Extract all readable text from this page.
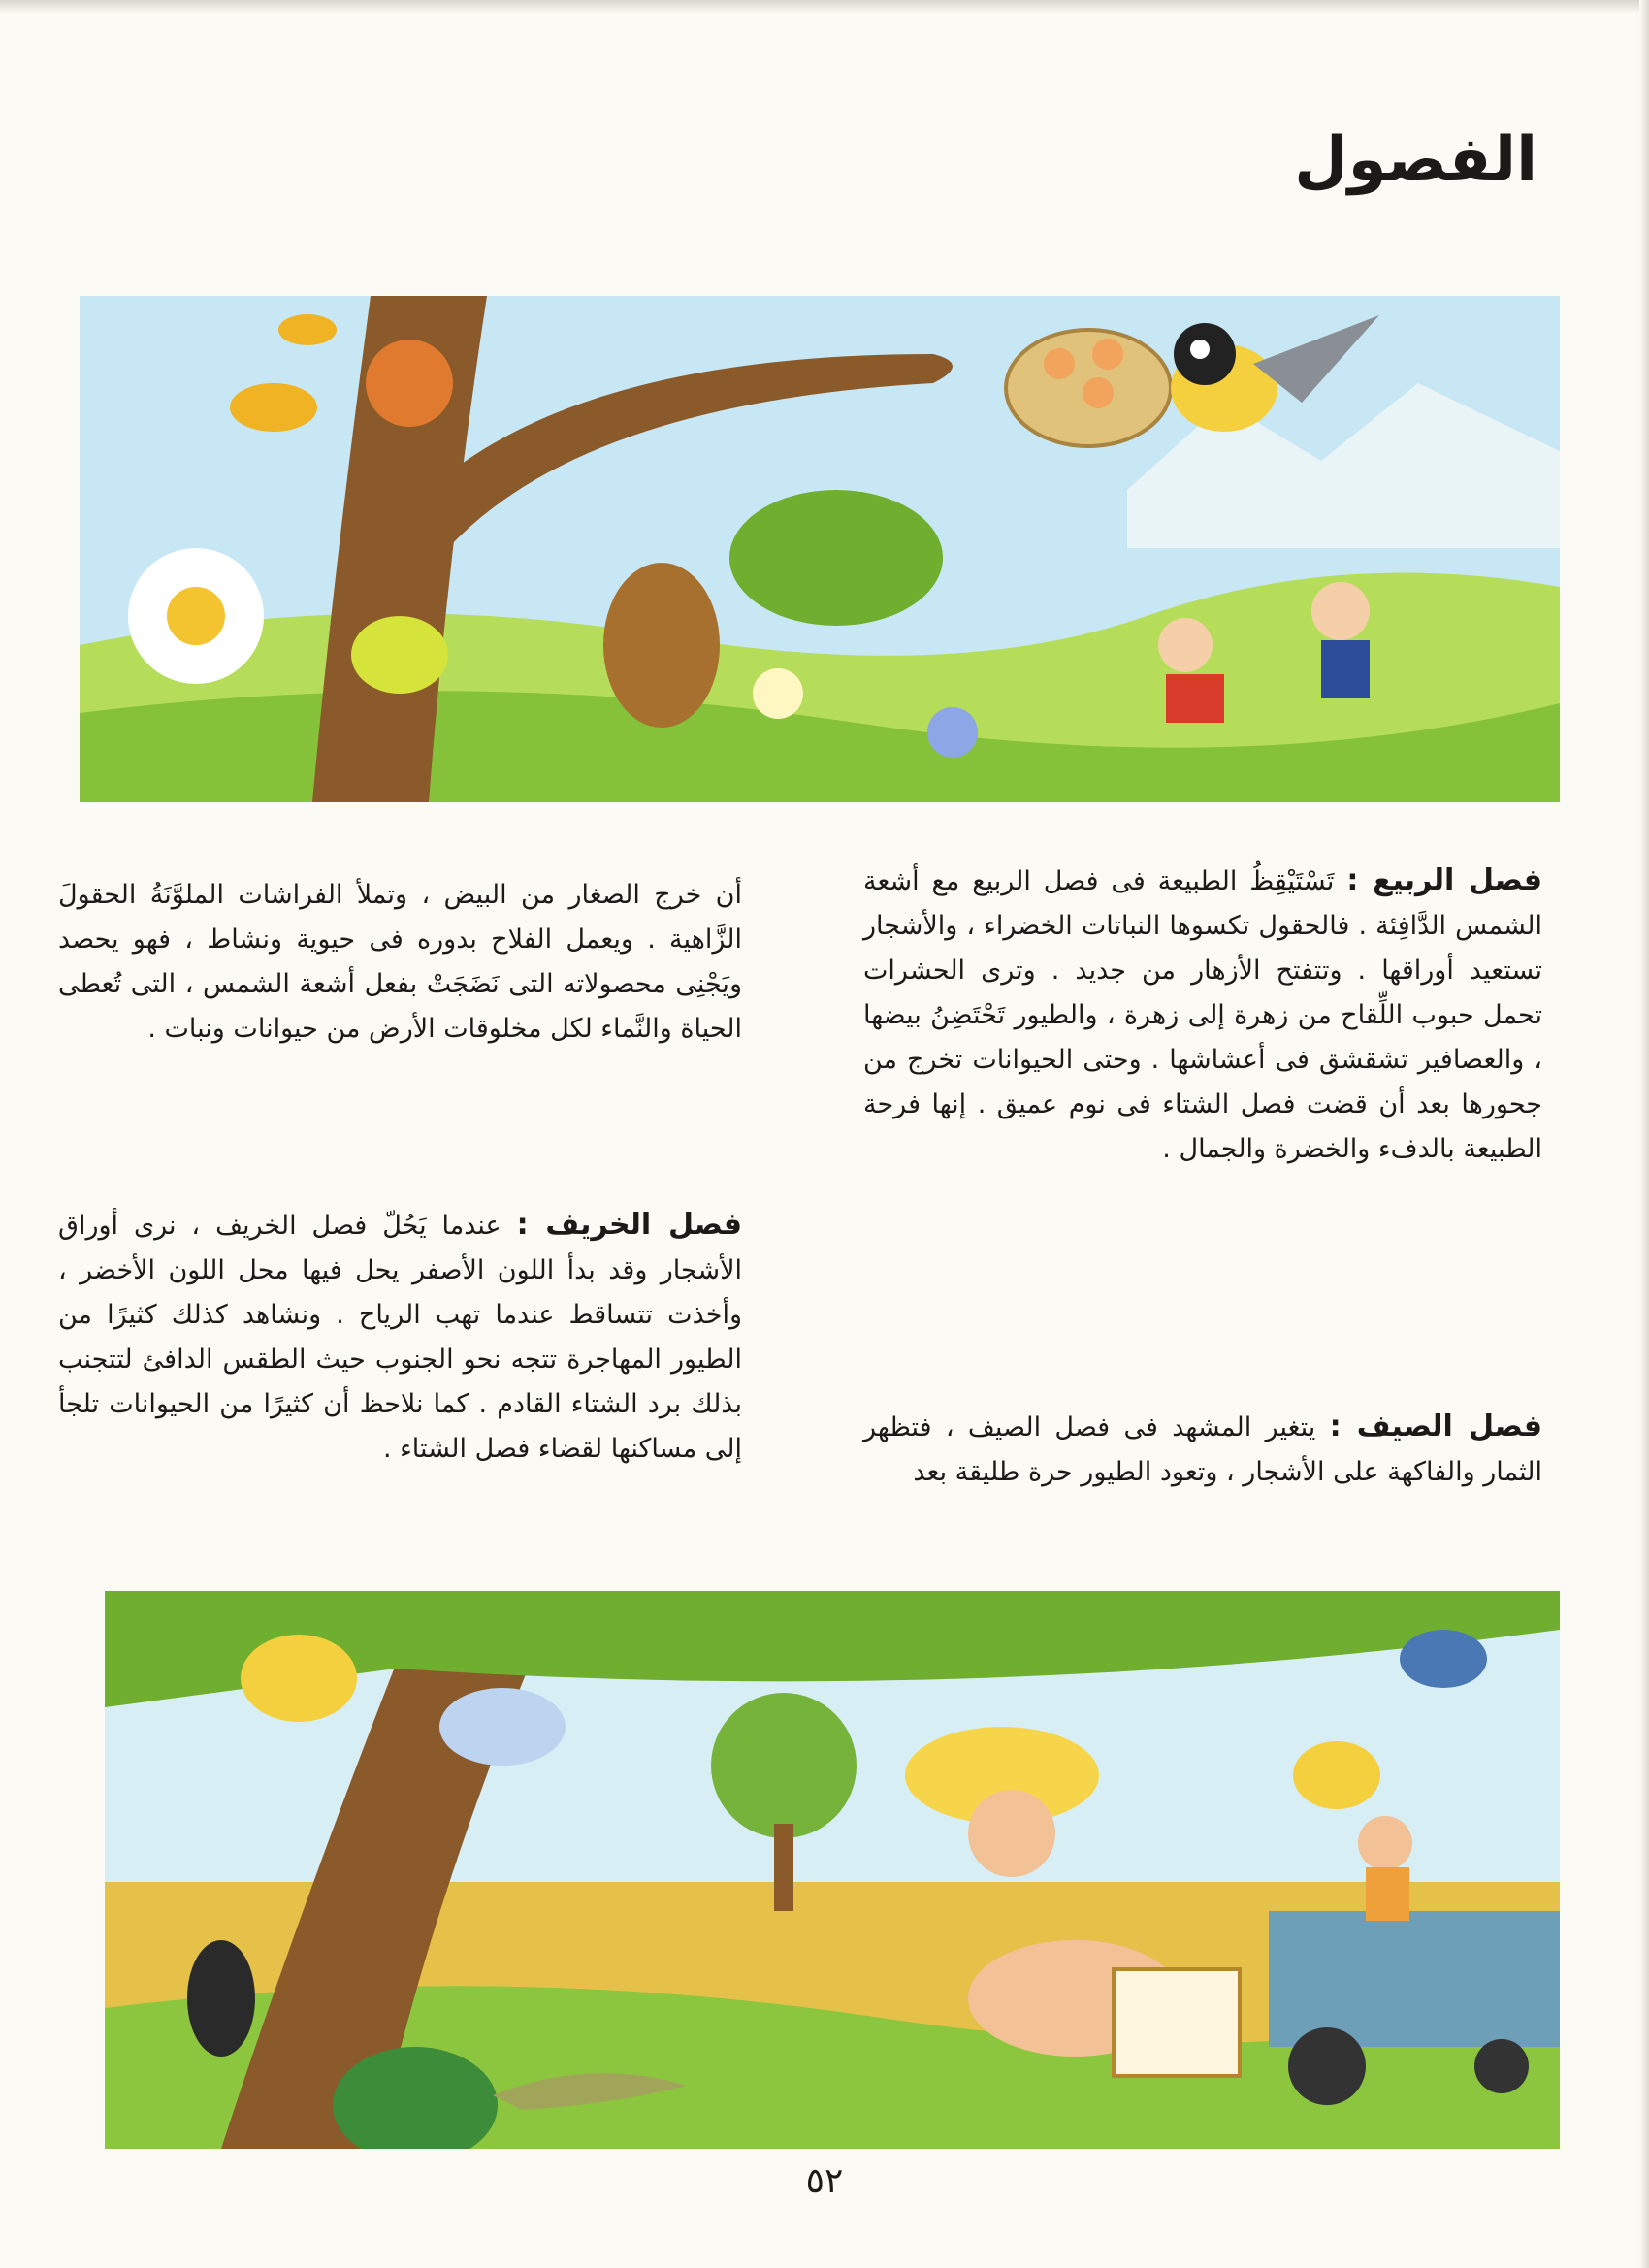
الفصول
فصل الربيع : تَسْتَيْقِظُ الطبيعة فى فصل الربيع مع أشعة الشمس الدَّافِئة . فالحقول تكسوها النباتات الخضراء ، والأشجار تستعيد أوراقها . وتتفتح الأزهار من جديد . وترى الحشرات تحمل حبوب اللِّقاح من زهرة إلى زهرة ، والطيور تَحْتَضِنُ بيضها ، والعصافير تشقشق فى أعشاشها . وحتى الحيوانات تخرج من جحورها بعد أن قضت فصل الشتاء فى نوم عميق . إنها فرحة الطبيعة بالدفء والخضرة والجمال .
فصل الصيف : يتغير المشهد فى فصل الصيف ، فتظهر الثمار والفاكهة على الأشجار ، وتعود الطيور حرة طليقة بعد
أن خرج الصغار من البيض ، وتملأ الفراشات الملوَّنَةُ الحقولَ الزَّاهية . ويعمل الفلاح بدوره فى حيوية ونشاط ، فهو يحصد ويَجْنِى محصولاته التى نَضَجَتْ بفعل أشعة الشمس ، التى تُعطى الحياة والنَّماء لكل مخلوقات الأرض من حيوانات ونبات .
فصل الخريف : عندما يَحُلّ فصل الخريف ، نرى أوراق الأشجار وقد بدأ اللون الأصفر يحل فيها محل اللون الأخضر ، وأخذت تتساقط عندما تهب الرياح . ونشاهد كذلك كثيرًا من الطيور المهاجرة تتجه نحو الجنوب حيث الطقس الدافئ لتتجنب بذلك برد الشتاء القادم . كما نلاحظ أن كثيرًا من الحيوانات تلجأ إلى مساكنها لقضاء فصل الشتاء .
٥٢
